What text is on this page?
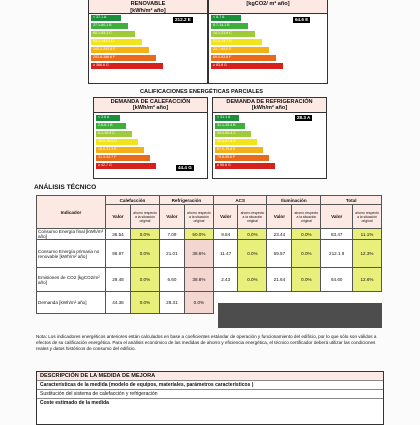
RENOVABLE
[kWh/m² año]
< 37.1 A
37.1-60.1 B
60.1-93.1 C
93.1-143.2 D
143.2-293.8 E
293.8-366.6 F
≥ 366.6 G
212.2 E
[kgCO2/ m² año]
< 8.7 A
8.7-14.1 B
14.1-21.9 C
21.9-33.7 D
33.7-69.0 E
69.0-83.8 F
≥ 83.8 G
64.6 E
CALIFICACIONES ENERGÉTICAS PARCIALES
DEMANDA DE CALEFACCIÓN
[kWh/m² año]
< 2.6 A
2.6-6.1 B
6.1-10.9 C
10.9-18.0 D
18.0-31.3 E
31.3-42.7 F
≥ 42.7 G	44.4 G
DEMANDA DE REFRIGERACIÓN
[kWh/m² año]
< 31.1 A
31.1-39.4 B
39.4-50.4 C
50.4-67.5 D
67.5-79.8 E
79.8-95.6 F
≥ 95.6 G
28.3 A
ANÁLISIS TÉCNICO
Indicador	Calefacción		Refrigeración		ACS		Iluminación		Total	
	Valor	ahorro respecto a la situación original	Valor	ahorro respecto a la situación original	Valor	ahorro respecto a la situación original	Valor	ahorro respecto a la situación original	Valor	ahorro respecto a la situación original
Consumo Energía final [kWh/m² año]	36.54	0.0%	7.09	50.0%	9.84	0.0%	23.44	0.0%	83.47	11.1%
Consumo Energía primaria no renovable [kWh/m² año]	96.97	0.0%	21.01	38.6%	11.47	0.0%	69.57	0.0%	212.1 8	12.3%
Emisiones de CO2 [kgCO2/m² año]	29.48	0.0%	6.60	38.6%	2.43	0.0%	21.64	0.0%	64.60	12.6%
Demanda [kWh/m² año]	44.38	0.0%	28.31	0.0%						
Nota: Los indicadores energéticos anteriores están calculados en base a coeficientes estándar de operación y funcionamiento del edificio, por lo que sólo son válidos a efectos de su calificación energética. Para el análisis económico de las medidas de ahorro y eficiencia energética, el técnico certificador deberá utilizar las condiciones reales y datos históricos de consumo del edificio.
DESCRIPCIÓN DE LA MEDIDA DE MEJORA
Características de la medida (modelo de equipos, materiales, parámetros característicos )
Sustitución del sistema de calefacción y refrigeración
Coste estimado de la medida
